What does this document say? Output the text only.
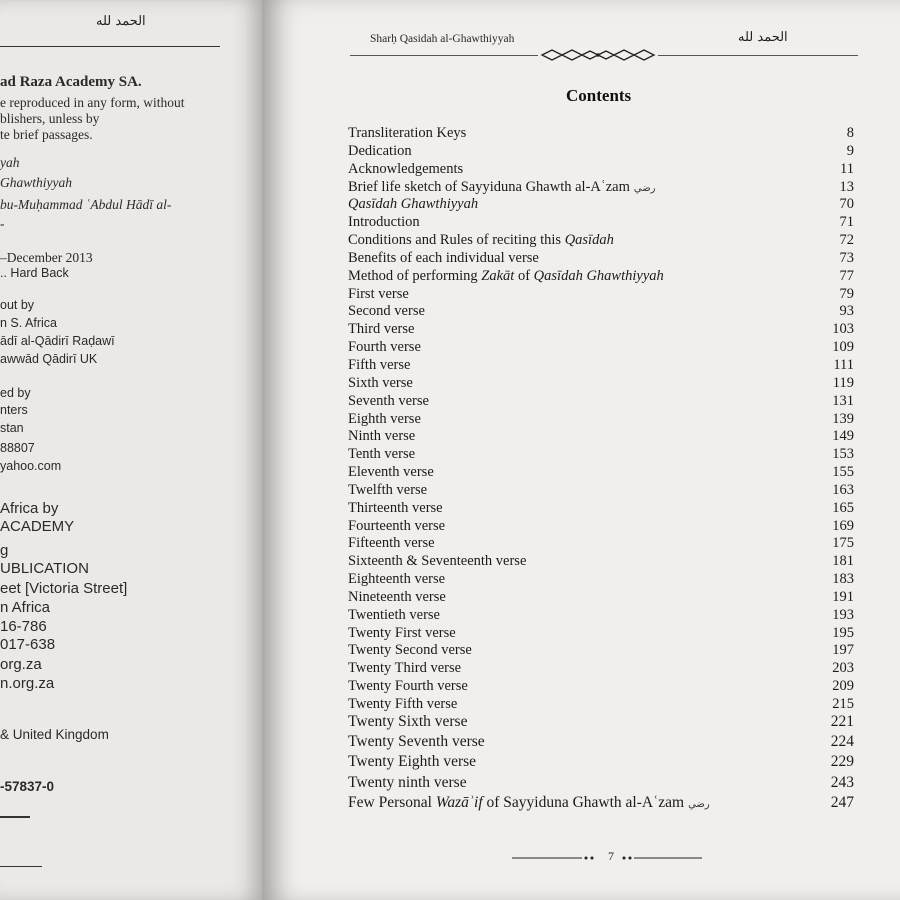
الحمد لله
ad Raza Academy SA.
e reproduced in any form, without
blishers, unless by
te brief passages.
yah
Ghawthiyyah
bu-Muḥammad ʿAbdul Hādī al-
-
–December 2013
.. Hard Back
out by
n S. Africa
ādī al-Qādirī Raḍawī
awwād Qādirī UK
ed by
nters
stan
88807
yahoo.com
Africa by
ACADEMY
g
UBLICATION
eet [Victoria Street]
n Africa
16-786
017-638
org.za
n.org.za
& United Kingdom
-57837-0
Sharḥ Qasidah al-Ghawthiyyah	الحمد لله
Contents
Transliteration Keys	8
Dedication	9
Acknowledgements	11
Brief life sketch of Sayyiduna Ghawth al-Aʿzam رضي	13
Qasīdah Ghawthiyyah	70
Introduction	71
Conditions and Rules of reciting this Qasīdah	72
Benefits of each individual verse	73
Method of performing Zakāt of Qasīdah Ghawthiyyah	77
First verse	79
Second verse	93
Third verse	103
Fourth verse	109
Fifth verse	111
Sixth verse	119
Seventh verse	131
Eighth verse	139
Ninth verse	149
Tenth verse	153
Eleventh verse	155
Twelfth verse	163
Thirteenth verse	165
Fourteenth verse	169
Fifteenth verse	175
Sixteenth & Seventeenth verse	181
Eighteenth verse	183
Nineteenth verse	191
Twentieth verse	193
Twenty First verse	195
Twenty Second verse	197
Twenty Third verse	203
Twenty Fourth verse	209
Twenty Fifth verse	215
Twenty Sixth verse	221
Twenty Seventh verse	224
Twenty Eighth verse	229
Twenty ninth verse	243
Few Personal Wazāʾif of Sayyiduna Ghawth al-Aʿzam رضي	247
7
